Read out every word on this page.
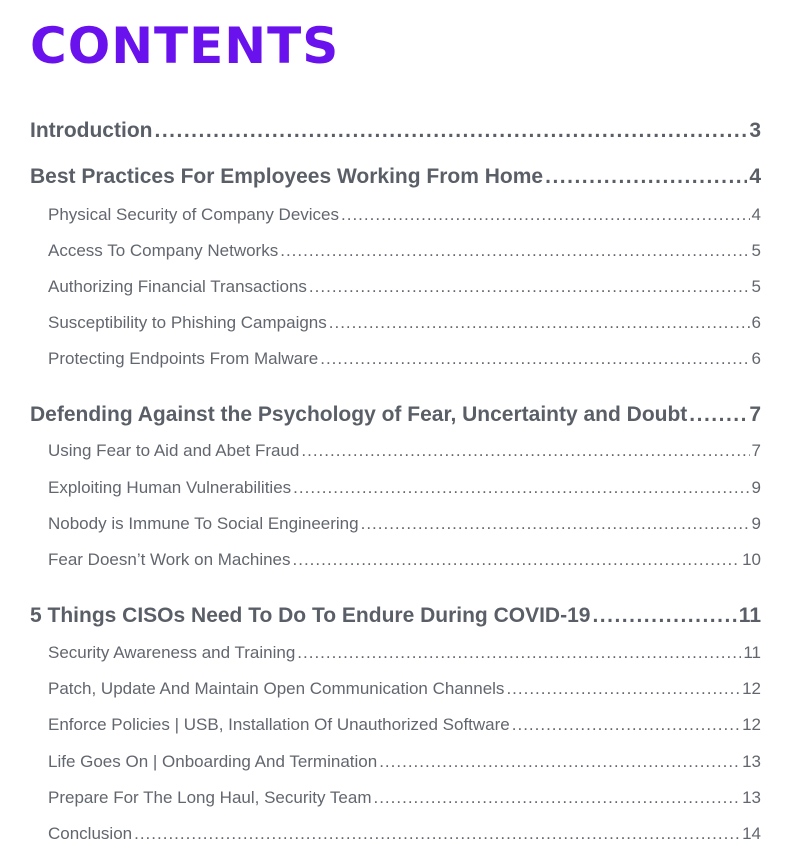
CONTENTS
Introduction .....	3
Best Practices For Employees Working From Home .....	4
Physical Security of Company Devices .....	4
Access To Company Networks .....	5
Authorizing Financial Transactions .....	5
Susceptibility to Phishing Campaigns .....	6
Protecting Endpoints From Malware .....	6
Defending Against the Psychology of Fear, Uncertainty and Doubt .....	7
Using Fear to Aid and Abet Fraud .....	7
Exploiting Human Vulnerabilities .....	9
Nobody is Immune To Social Engineering .....	9
Fear Doesn’t Work on Machines .....	10
5 Things CISOs Need To Do To Endure During COVID-19 .....	11
Security Awareness and Training .....	11
Patch, Update And Maintain Open Communication Channels .....	12
Enforce Policies | USB, Installation Of Unauthorized Software .....	12
Life Goes On | Onboarding And Termination .....	13
Prepare For The Long Haul, Security Team .....	13
Conclusion .....	14
